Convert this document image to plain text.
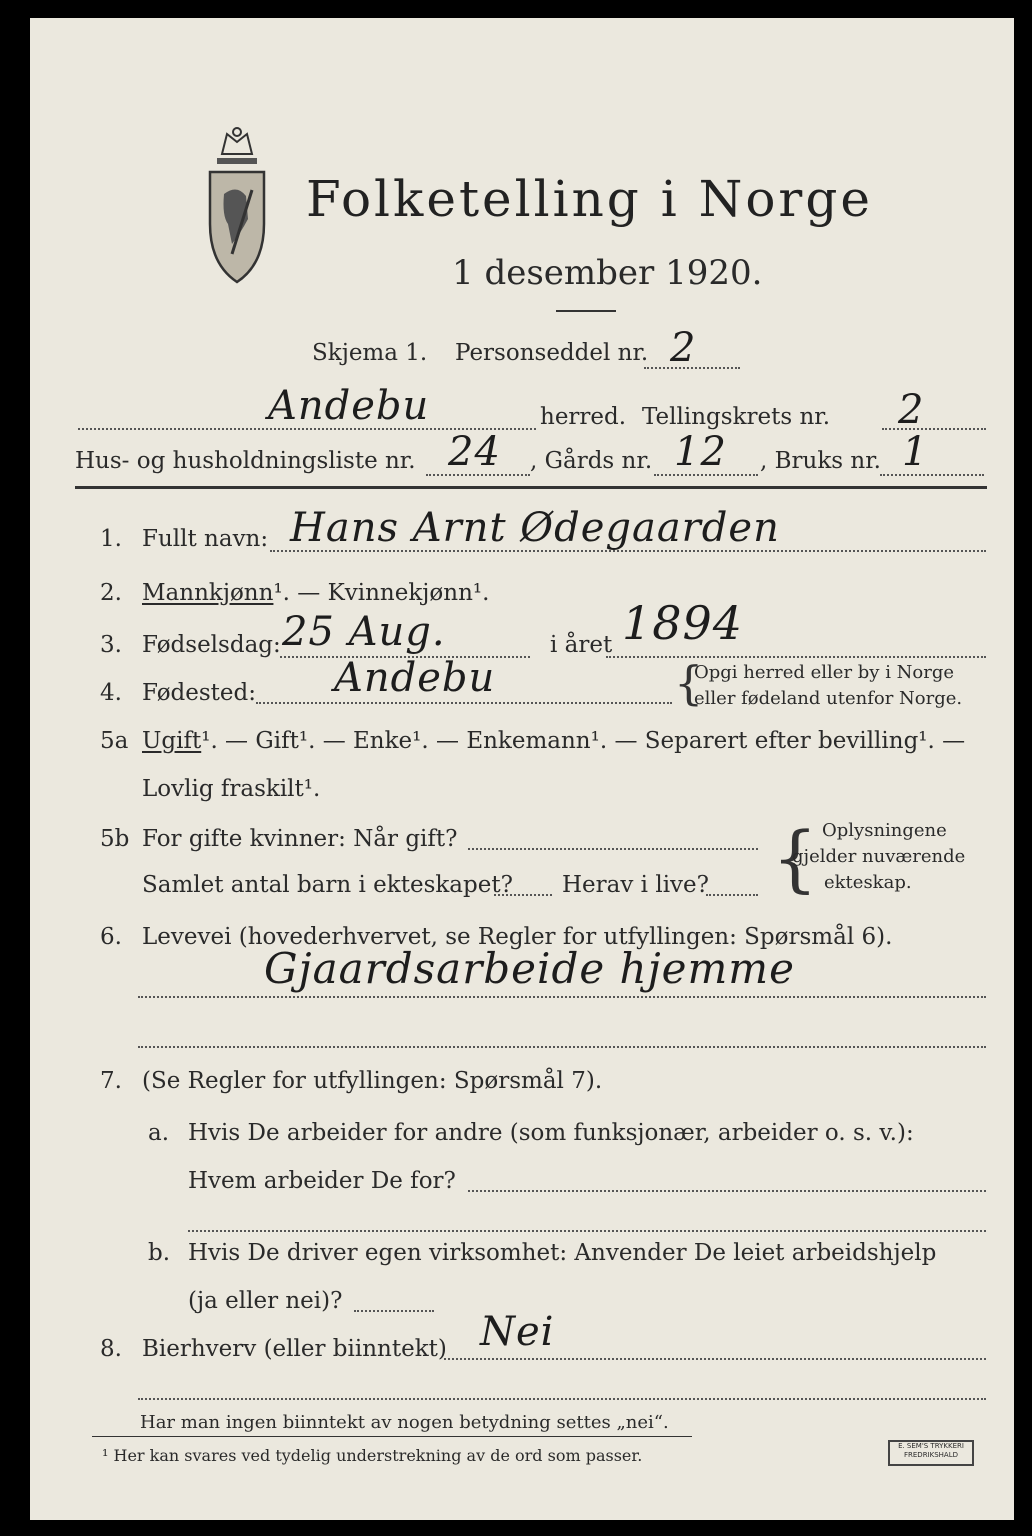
Folketelling i Norge
1 desember 1920.
Skjema 1. Personseddel nr. 2
Andebu	herred. Tellingskrets nr. 2
Hus- og husholdningsliste nr. 24 , Gårds nr. 12 , Bruks nr. 1
1. Fullt navn: Hans Arnt Ødegaarden
2. Mannkjønn¹. — Kvinnekjønn¹.
3. Fødselsdag: 25 Aug.	i året 1894
4. Fødested: Andebu	{
Opgi herred eller by i Norge
eller fødeland utenfor Norge.
5a Ugift¹. — Gift¹. — Enke¹. — Enkemann¹. — Separert efter bevilling¹. —
Lovlig fraskilt¹.
5b For gifte kvinner: Når gift?
Samlet antal barn i ekteskapet? Herav i live? { Oplysningene
gjelder nuværende
ekteskap.
6. Levevei (hovederhvervet, se Regler for utfyllingen: Spørsmål 6).
Gjaardsarbeide hjemme
7. (Se Regler for utfyllingen: Spørsmål 7).
a. Hvis De arbeider for andre (som funksjonær, arbeider o. s. v.):
Hvem arbeider De for?
b. Hvis De driver egen virksomhet: Anvender De leiet arbeidshjelp
(ja eller nei)?
8. Bierhverv (eller biinntekt) Nei
Har man ingen biinntekt av nogen betydning settes „nei“.
¹ Her kan svares ved tydelig understrekning av de ord som passer.	E. SEM'S TRYKKERI FREDRIKSHALD
